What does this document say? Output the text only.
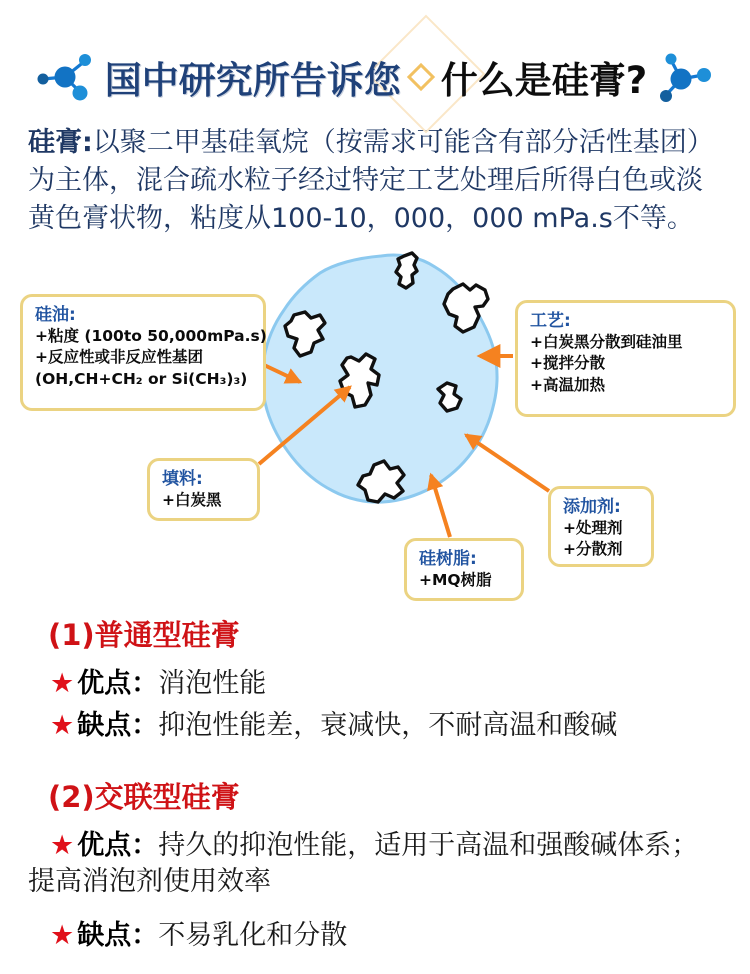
国中研究所告诉您 什么是硅膏?

硅膏:以聚二甲基硅氧烷（按需求可能含有部分活性基团）
为主体，混合疏水粒子经过特定工艺处理后所得白色或淡
黄色膏状物，粘度从100-10，000，000 mPa.s不等。

硅油:
+粘度 (100to 50,000mPa.s)
+反应性或非反应性基团
(OH,CH+CH₂ or Si(CH₃)₃)
工艺:
+白炭黑分散到硅油里
+搅拌分散
+高温加热
填料:
+白炭黑
硅树脂:
+MQ树脂
添加剂:
+处理剂
+分散剂
(1)普通型硅膏

★ 优点：消泡性能

★ 缺点：抑泡性能差，衰减快，不耐高温和酸碱

(2)交联型硅膏

★ 优点：持久的抑泡性能，适用于高温和强酸碱体系；提高消泡剂使用效率

★ 缺点：不易乳化和分散
